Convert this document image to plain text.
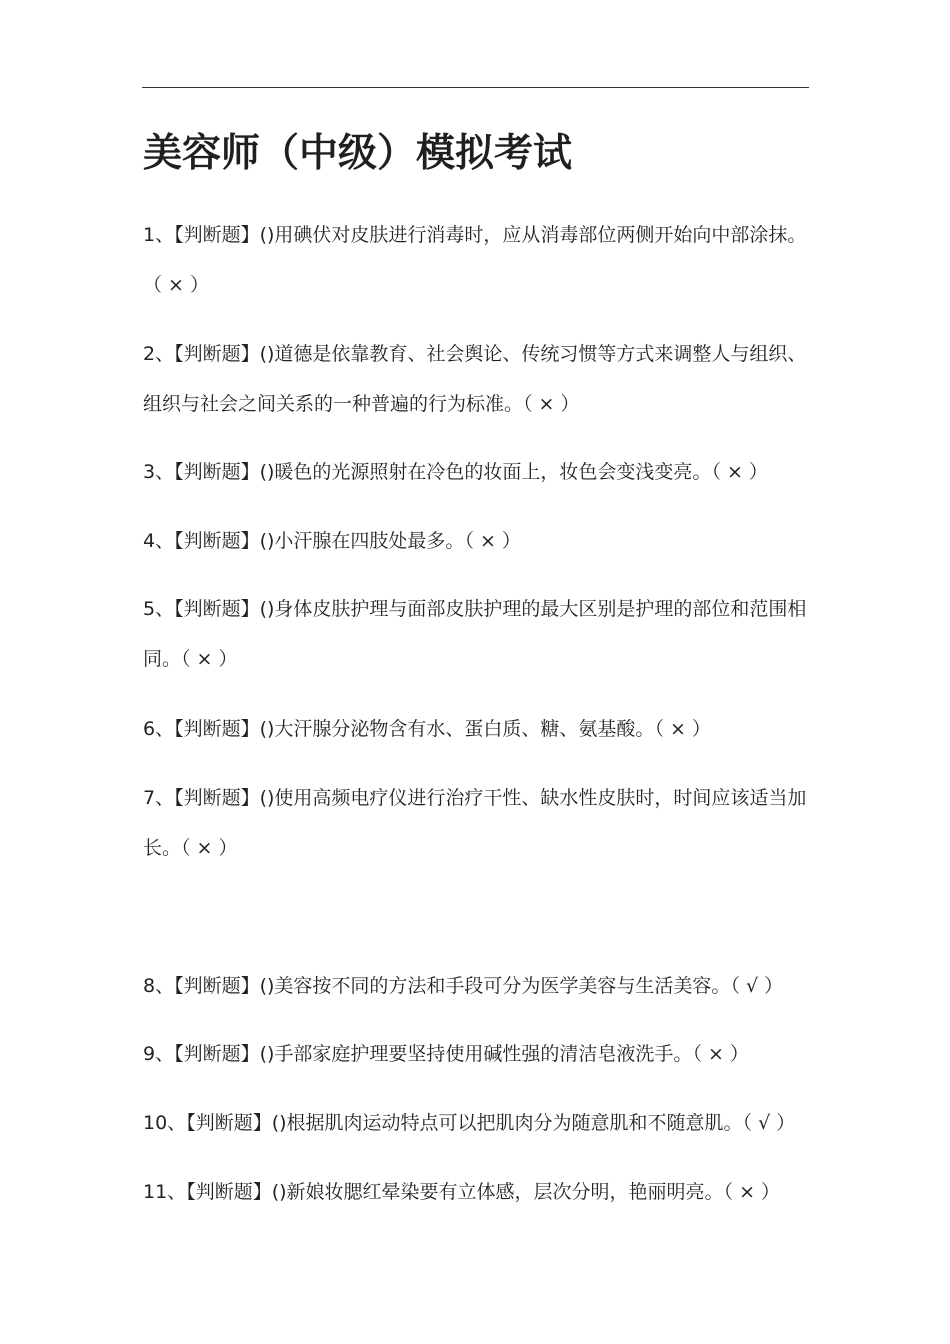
美容师（中级）模拟考试

1、【判断题】()用碘伏对皮肤进行消毒时，应从消毒部位两侧开始向中部涂抹。（ × ）

2、【判断题】()道德是依靠教育、社会舆论、传统习惯等方式来调整人与组织、组织与社会之间关系的一种普遍的行为标准。（ × ）

3、【判断题】()暖色的光源照射在冷色的妆面上，妆色会变浅变亮。（ × ）

4、【判断题】()小汗腺在四肢处最多。（ × ）

5、【判断题】()身体皮肤护理与面部皮肤护理的最大区别是护理的部位和范围相同。（ × ）

6、【判断题】()大汗腺分泌物含有水、蛋白质、糖、氨基酸。（ × ）

7、【判断题】()使用高频电疗仪进行治疗干性、缺水性皮肤时，时间应该适当加长。（ × ）

8、【判断题】()美容按不同的方法和手段可分为医学美容与生活美容。（ √ ）

9、【判断题】()手部家庭护理要坚持使用碱性强的清洁皂液洗手。（ × ）

10、【判断题】()根据肌肉运动特点可以把肌肉分为随意肌和不随意肌。（ √ ）

11、【判断题】()新娘妆腮红晕染要有立体感，层次分明，艳丽明亮。（ × ）
